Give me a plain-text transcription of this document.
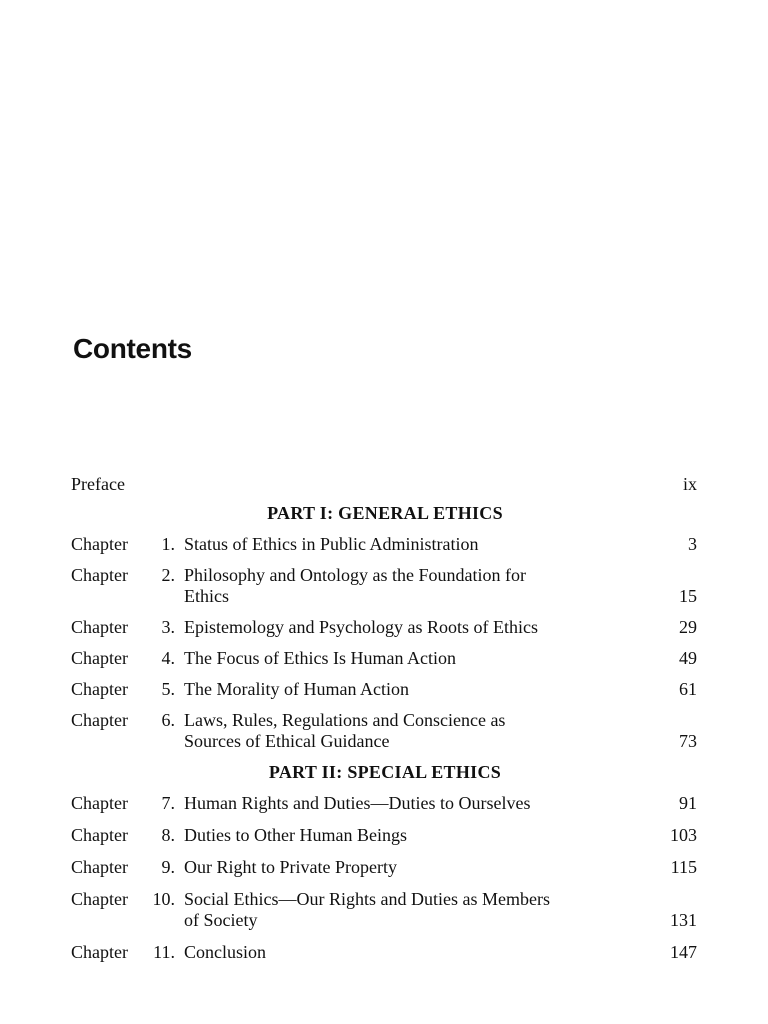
Contents
Preface	ix
PART I: GENERAL ETHICS
Chapter	1. Status of Ethics in Public Administration	3
Chapter	2. Philosophy and Ontology as the Foundation for
Ethics	15
Chapter	3. Epistemology and Psychology as Roots of Ethics	29
Chapter	4. The Focus of Ethics Is Human Action	49
Chapter	5. The Morality of Human Action	61
Chapter	6. Laws, Rules, Regulations and Conscience as
Sources of Ethical Guidance	73
PART II: SPECIAL ETHICS
Chapter	7. Human Rights and Duties—Duties to Ourselves	91
Chapter	8. Duties to Other Human Beings	103
Chapter	9. Our Right to Private Property	115
Chapter	10. Social Ethics—Our Rights and Duties as Members
of Society	131
Chapter	11. Conclusion	147
